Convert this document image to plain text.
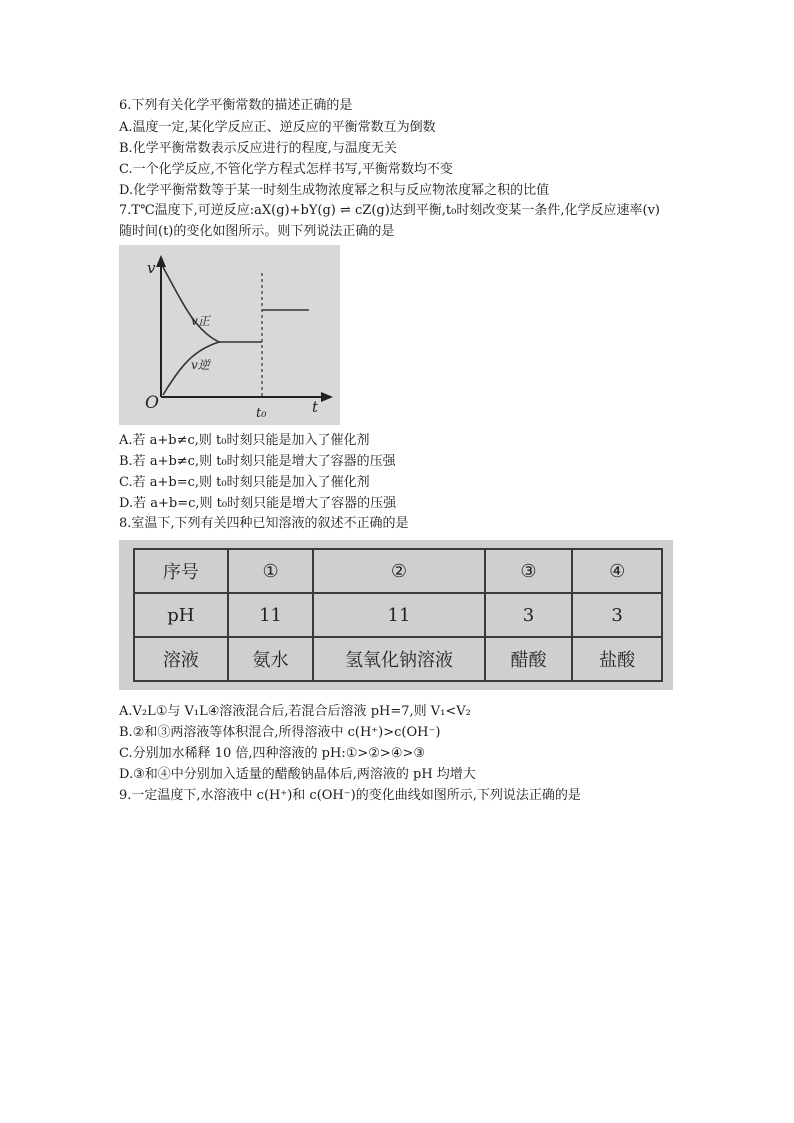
6.下列有关化学平衡常数的描述正确的是
A.温度一定,某化学反应正、逆反应的平衡常数互为倒数
B.化学平衡常数表示反应进行的程度,与温度无关
C.一个化学反应,不管化学方程式怎样书写,平衡常数均不变
D.化学平衡常数等于某一时刻生成物浓度幂之积与反应物浓度幂之积的比值
7.T℃温度下,可逆反应:aX(g)+bY(g) ⇌ cZ(g)达到平衡,t₀时刻改变某一条件,化学反应速率(v)
随时间(t)的变化如图所示。则下列说法正确的是
v
O	t
t₀
v正
v逆
A.若 a+b≠c,则 t₀时刻只能是加入了催化剂
B.若 a+b≠c,则 t₀时刻只能是增大了容器的压强
C.若 a+b=c,则 t₀时刻只能是加入了催化剂
D.若 a+b=c,则 t₀时刻只能是增大了容器的压强
8.室温下,下列有关四种已知溶液的叙述不正确的是
序号	①	②	③	④
pH	11	11	3	3
溶液	氨水	氢氧化钠溶液	醋酸	盐酸
A.V₂L①与 V₁L④溶液混合后,若混合后溶液 pH=7,则 V₁<V₂
B.②和③两溶液等体积混合,所得溶液中 c(H⁺)>c(OH⁻)
C.分别加水稀释 10 倍,四种溶液的 pH:①>②>④>③
D.③和④中分别加入适量的醋酸钠晶体后,两溶液的 pH 均增大
9.一定温度下,水溶液中 c(H⁺)和 c(OH⁻)的变化曲线如图所示,下列说法正确的是
